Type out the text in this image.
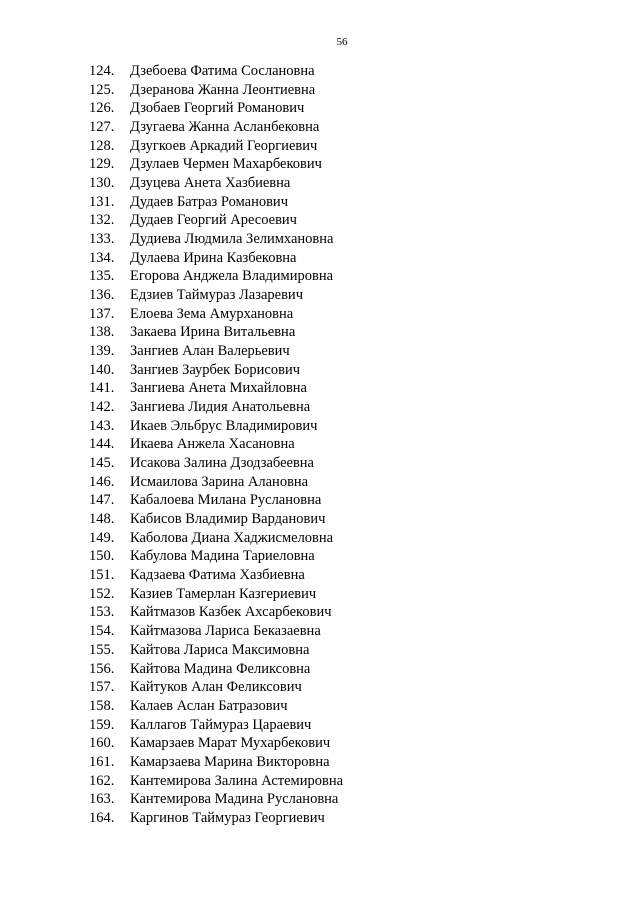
56
124. Дзебоева Фатима Сослановна
125. Дзеранова Жанна Леонтиевна
126. Дзобаев Георгий Романович
127. Дзугаева Жанна Асланбековна
128. Дзугкоев Аркадий Георгиевич
129. Дзулаев Чермен Махарбекович
130. Дзуцева Анета Хазбиевна
131. Дудаев Батраз Романович
132. Дудаев Георгий Аресоевич
133. Дудиева Людмила Зелимхановна
134. Дулаева Ирина Казбековна
135. Егорова Анджела Владимировна
136. Едзиев Таймураз Лазаревич
137. Елоева Зема Амурхановна
138. Закаева Ирина Витальевна
139. Зангиев Алан Валерьевич
140. Зангиев Заурбек Борисович
141. Зангиева Анета Михайловна
142. Зангиева Лидия Анатольевна
143. Икаев Эльбрус Владимирович
144. Икаева Анжела Хасановна
145. Исакова Залина Дзодзабеевна
146. Исмаилова Зарина Алановна
147. Кабалоева Милана Руслановна
148. Кабисов Владимир Варданович
149. Каболова Диана Хаджисмеловна
150. Кабулова Мадина Тариеловна
151. Кадзаева Фатима Хазбиевна
152. Казиев Тамерлан Казгериевич
153. Кайтмазов Казбек Ахсарбекович
154. Кайтмазова Лариса Беказаевна
155. Кайтова Лариса Максимовна
156. Кайтова Мадина Феликсовна
157. Кайтуков Алан Феликсович
158. Калаев Аслан Батразович
159. Каллагов Таймураз Цараевич
160. Камарзаев Марат Мухарбекович
161. Камарзаева Марина Викторовна
162. Кантемирова Залина Астемировна
163. Кантемирова Мадина Руслановна
164. Каргинов Таймураз Георгиевич
